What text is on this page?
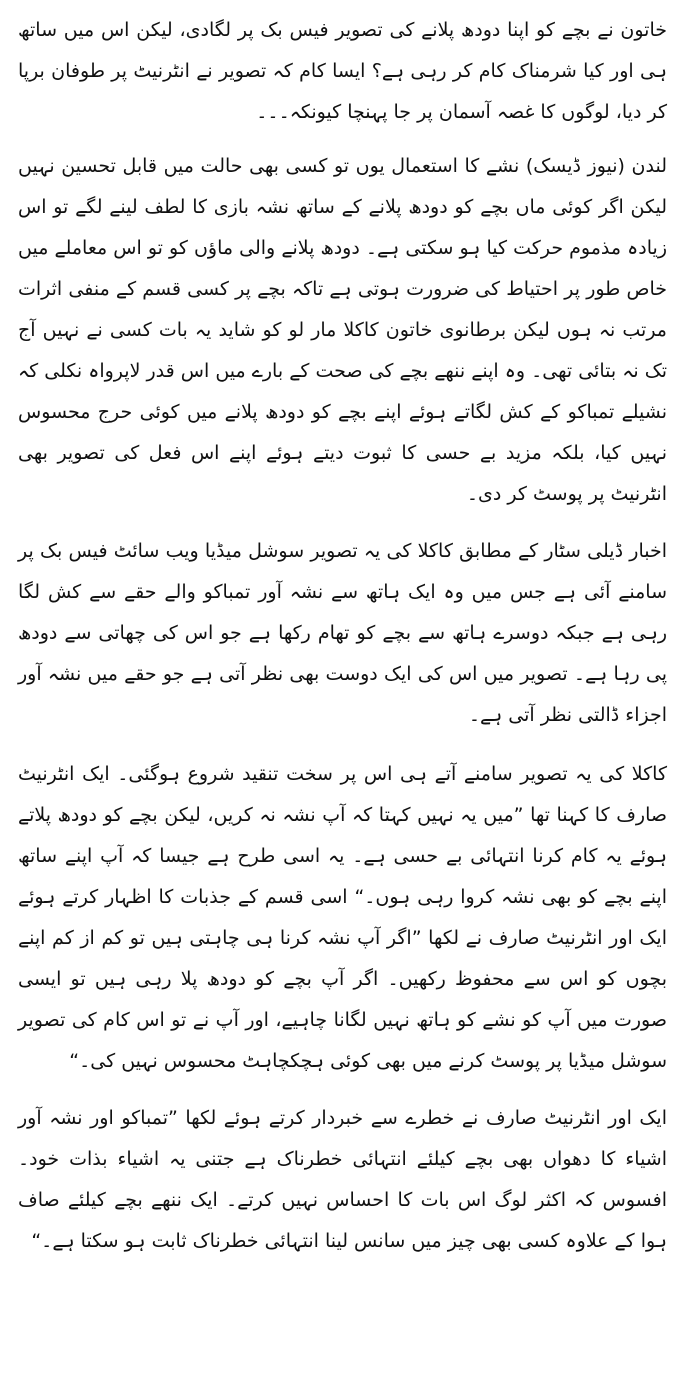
خاتون نے بچے کو اپنا دودھ پلانے کی تصویر فیس بک پر لگادی، لیکن اس میں ساتھ ہی اور کیا شرمناک کام کر رہی ہے؟ ایسا کام کہ تصویر نے انٹرنیٹ پر طوفان برپا کر دیا، لوگوں کا غصہ آسمان پر جا پہنچا کیونکہ۔۔۔

لندن (نیوز ڈیسک) نشے کا استعمال یوں تو کسی بھی حالت میں قابل تحسین نہیں لیکن اگر کوئی ماں بچے کو دودھ پلانے کے ساتھ نشہ بازی کا لطف لینے لگے تو اس زیادہ مذموم حرکت کیا ہو سکتی ہے۔ دودھ پلانے والی ماؤں کو تو اس معاملے میں خاص طور پر احتیاط کی ضرورت ہوتی ہے تاکہ بچے پر کسی قسم کے منفی اثرات مرتب نہ ہوں لیکن برطانوی خاتون کاکلا مار لو کو شاید یہ بات کسی نے نہیں آج تک نہ بتائی تھی۔ وہ اپنے ننھے بچے کی صحت کے بارے میں اس قدر لاپرواہ نکلی کہ نشیلے تمباکو کے کش لگاتے ہوئے اپنے بچے کو دودھ پلانے میں کوئی حرج محسوس نہیں کیا، بلکہ مزید بے حسی کا ثبوت دیتے ہوئے اپنے اس فعل کی تصویر بھی انٹرنیٹ پر پوسٹ کر دی۔

اخبار ڈیلی سٹار کے مطابق کاکلا کی یہ تصویر سوشل میڈیا ویب سائٹ فیس بک پر سامنے آئی ہے جس میں وہ ایک ہاتھ سے نشہ آور تمباکو والے حقے سے کش لگا رہی ہے جبکہ دوسرے ہاتھ سے بچے کو تھام رکھا ہے جو اس کی چھاتی سے دودھ پی رہا ہے۔ تصویر میں اس کی ایک دوست بھی نظر آتی ہے جو حقے میں نشہ آور اجزاء ڈالتی نظر آتی ہے۔

کاکلا کی یہ تصویر سامنے آتے ہی اس پر سخت تنقید شروع ہوگئی۔ ایک انٹرنیٹ صارف کا کہنا تھا ”میں یہ نہیں کہتا کہ آپ نشہ نہ کریں، لیکن بچے کو دودھ پلاتے ہوئے یہ کام کرنا انتہائی بے حسی ہے۔ یہ اسی طرح ہے جیسا کہ آپ اپنے ساتھ اپنے بچے کو بھی نشہ کروا رہی ہوں۔“ اسی قسم کے جذبات کا اظہار کرتے ہوئے ایک اور انٹرنیٹ صارف نے لکھا ”اگر آپ نشہ کرنا ہی چاہتی ہیں تو کم از کم اپنے بچوں کو اس سے محفوظ رکھیں۔ اگر آپ بچے کو دودھ پلا رہی ہیں تو ایسی صورت میں آپ کو نشے کو ہاتھ نہیں لگانا چاہیے، اور آپ نے تو اس کام کی تصویر سوشل میڈیا پر پوسٹ کرنے میں بھی کوئی ہچکچاہٹ محسوس نہیں کی۔“

ایک اور انٹرنیٹ صارف نے خطرے سے خبردار کرتے ہوئے لکھا ”تمباکو اور نشہ آور اشیاء کا دھواں بھی بچے کیلئے انتہائی خطرناک ہے جتنی یہ اشیاء بذات خود۔ افسوس کہ اکثر لوگ اس بات کا احساس نہیں کرتے۔ ایک ننھے بچے کیلئے صاف ہوا کے علاوہ کسی بھی چیز میں سانس لینا انتہائی خطرناک ثابت ہو سکتا ہے۔“
